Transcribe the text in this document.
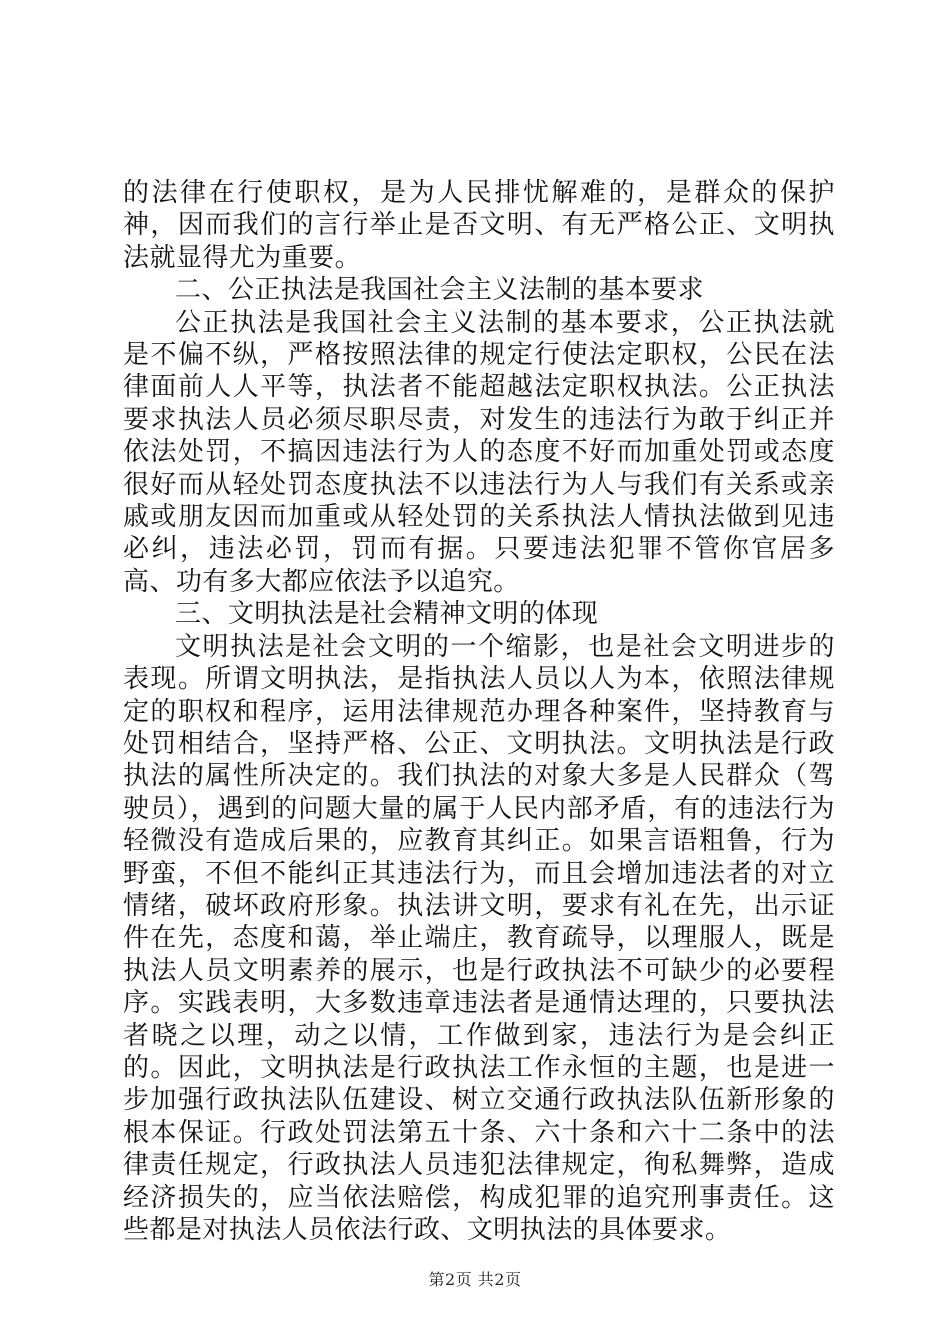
的法律在行使职权，是为人民排忧解难的，是群众的保护神，因而我们的言行举止是否文明、有无严格公正、文明执法就显得尤为重要。

二、公正执法是我国社会主义法制的基本要求

公正执法是我国社会主义法制的基本要求，公正执法就是不偏不纵，严格按照法律的规定行使法定职权，公民在法律面前人人平等，执法者不能超越法定职权执法。公正执法要求执法人员必须尽职尽责，对发生的违法行为敢于纠正并依法处罚，不搞因违法行为人的态度不好而加重处罚或态度很好而从轻处罚态度执法不以违法行为人与我们有关系或亲戚或朋友因而加重或从轻处罚的关系执法人情执法做到见违必纠，违法必罚，罚而有据。只要违法犯罪不管你官居多高、功有多大都应依法予以追究。

三、文明执法是社会精神文明的体现

文明执法是社会文明的一个缩影，也是社会文明进步的表现。所谓文明执法，是指执法人员以人为本，依照法律规定的职权和程序，运用法律规范办理各种案件，坚持教育与处罚相结合，坚持严格、公正、文明执法。文明执法是行政执法的属性所决定的。我们执法的对象大多是人民群众（驾驶员），遇到的问题大量的属于人民内部矛盾，有的违法行为轻微没有造成后果的，应教育其纠正。如果言语粗鲁，行为野蛮，不但不能纠正其违法行为，而且会增加违法者的对立情绪，破坏政府形象。执法讲文明，要求有礼在先，出示证件在先，态度和蔼，举止端庄，教育疏导，以理服人，既是执法人员文明素养的展示，也是行政执法不可缺少的必要程序。实践表明，大多数违章违法者是通情达理的，只要执法者晓之以理，动之以情，工作做到家，违法行为是会纠正的。因此，文明执法是行政执法工作永恒的主题，也是进一步加强行政执法队伍建设、树立交通行政执法队伍新形象的根本保证。行政处罚法第五十条、六十条和六十二条中的法律责任规定，行政执法人员违犯法律规定，徇私舞弊，造成经济损失的，应当依法赔偿，构成犯罪的追究刑事责任。这些都是对执法人员依法行政、文明执法的具体要求。

第2页 共2页
